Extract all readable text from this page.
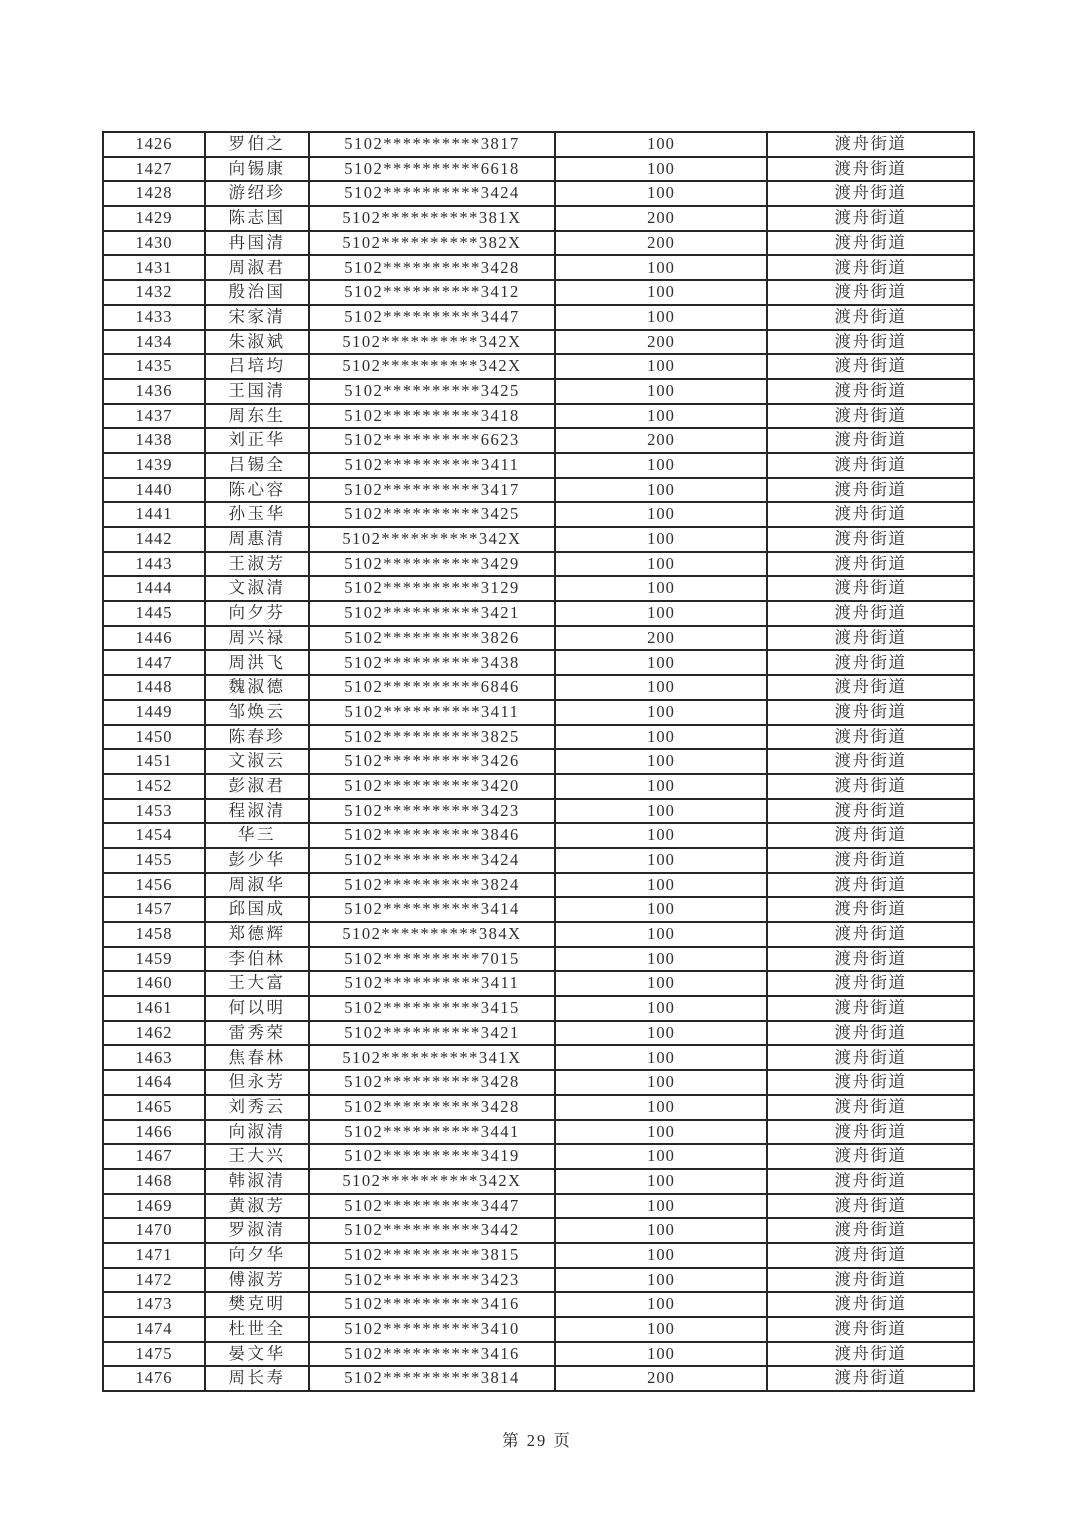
1426	罗伯之	5102**********3817	100	渡舟街道
1427	向锡康	5102**********6618	100	渡舟街道
1428	游绍珍	5102**********3424	100	渡舟街道
1429	陈志国	5102**********381X	200	渡舟街道
1430	冉国清	5102**********382X	200	渡舟街道
1431	周淑君	5102**********3428	100	渡舟街道
1432	殷治国	5102**********3412	100	渡舟街道
1433	宋家清	5102**********3447	100	渡舟街道
1434	朱淑斌	5102**********342X	200	渡舟街道
1435	吕培均	5102**********342X	100	渡舟街道
1436	王国清	5102**********3425	100	渡舟街道
1437	周东生	5102**********3418	100	渡舟街道
1438	刘正华	5102**********6623	200	渡舟街道
1439	吕锡全	5102**********3411	100	渡舟街道
1440	陈心容	5102**********3417	100	渡舟街道
1441	孙玉华	5102**********3425	100	渡舟街道
1442	周惠清	5102**********342X	100	渡舟街道
1443	王淑芳	5102**********3429	100	渡舟街道
1444	文淑清	5102**********3129	100	渡舟街道
1445	向夕芬	5102**********3421	100	渡舟街道
1446	周兴禄	5102**********3826	200	渡舟街道
1447	周洪飞	5102**********3438	100	渡舟街道
1448	魏淑德	5102**********6846	100	渡舟街道
1449	邹焕云	5102**********3411	100	渡舟街道
1450	陈春珍	5102**********3825	100	渡舟街道
1451	文淑云	5102**********3426	100	渡舟街道
1452	彭淑君	5102**********3420	100	渡舟街道
1453	程淑清	5102**********3423	100	渡舟街道
1454	华三	5102**********3846	100	渡舟街道
1455	彭少华	5102**********3424	100	渡舟街道
1456	周淑华	5102**********3824	100	渡舟街道
1457	邱国成	5102**********3414	100	渡舟街道
1458	郑德辉	5102**********384X	100	渡舟街道
1459	李伯林	5102**********7015	100	渡舟街道
1460	王大富	5102**********3411	100	渡舟街道
1461	何以明	5102**********3415	100	渡舟街道
1462	雷秀荣	5102**********3421	100	渡舟街道
1463	焦春林	5102**********341X	100	渡舟街道
1464	但永芳	5102**********3428	100	渡舟街道
1465	刘秀云	5102**********3428	100	渡舟街道
1466	向淑清	5102**********3441	100	渡舟街道
1467	王大兴	5102**********3419	100	渡舟街道
1468	韩淑清	5102**********342X	100	渡舟街道
1469	黄淑芳	5102**********3447	100	渡舟街道
1470	罗淑清	5102**********3442	100	渡舟街道
1471	向夕华	5102**********3815	100	渡舟街道
1472	傅淑芳	5102**********3423	100	渡舟街道
1473	樊克明	5102**********3416	100	渡舟街道
1474	杜世全	5102**********3410	100	渡舟街道
1475	晏文华	5102**********3416	100	渡舟街道
1476	周长寿	5102**********3814	200	渡舟街道
第 29 页
